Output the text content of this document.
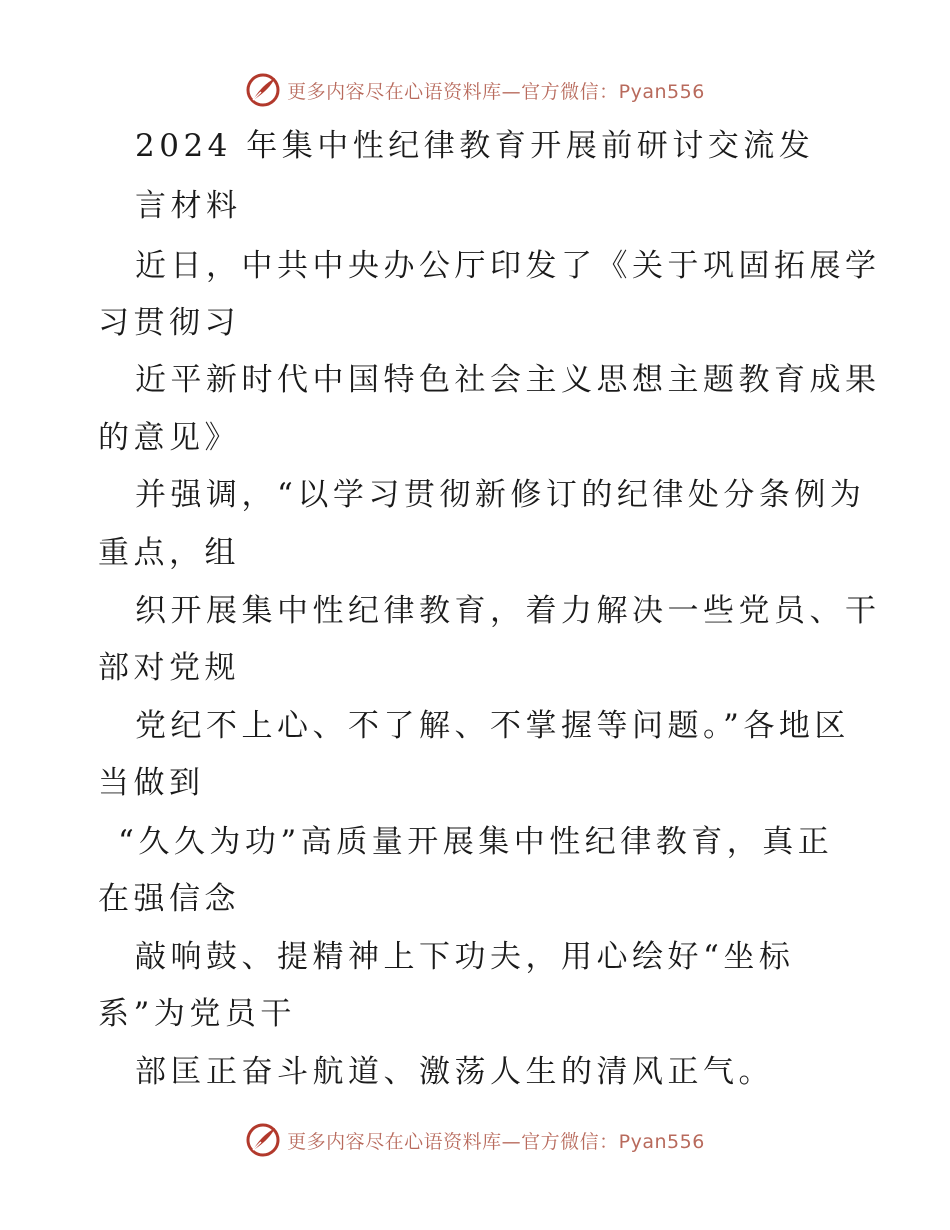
更多内容尽在心语资料库—官方微信：Pyan556
2024 年集中性纪律教育开展前研讨交流发
言材料
近日，中共中央办公厅印发了《关于巩固拓展学
习贯彻习
近平新时代中国特色社会主义思想主题教育成果
的意见》
并强调，“以学习贯彻新修订的纪律处分条例为
重点，组
织开展集中性纪律教育，着力解决一些党员、干
部对党规
党纪不上心、不了解、不掌握等问题。”各地区
当做到
“久久为功”高质量开展集中性纪律教育，真正
在强信念
敲响鼓、提精神上下功夫，用心绘好“坐标
系”为党员干
部匡正奋斗航道、激荡人生的清风正气。
更多内容尽在心语资料库—官方微信：Pyan556
